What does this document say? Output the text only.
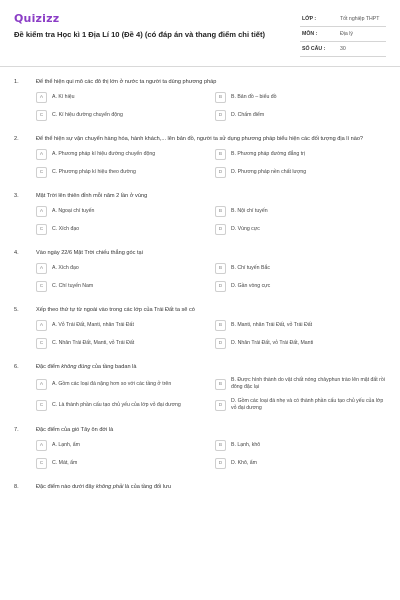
Quizizz
Đề kiểm tra Học kì 1 Địa Lí 10 (Đề 4) (có đáp án và thang điểm chi tiết)
LỚP :	Tốt nghiệp THPT
MÔN :	Địa lý
SỐ CÂU :	30
1.	Để thể hiện qui mô các đô thị lớn ở nước ta người ta dùng phương pháp
A	A. Kí hiệu	B	B. Bản đồ – biểu đồ
C	C. Kí hiệu đường chuyển động	D	D. Chấm điểm
2.	Để thể hiện sự vận chuyển hàng hóa, hành khách,... lên bản đồ, người ta sử dụng phương pháp biểu hiện các đối tượng địa lí nào?
A	A. Phương pháp kí hiệu đường chuyển động	B	B. Phương pháp đường đẳng trị
C	C. Phương pháp kí hiệu theo đường	D	D. Phương pháp nền chất lượng
3.	Mặt Trời lên thiên đỉnh mỗi năm 2 lần ở vùng
A	A. Ngoại chí tuyến	B	B. Nội chí tuyến
C	C. Xích đạo	D	D. Vùng cực
4.	Vào ngày 22/6 Mặt Trời chiếu thẳng góc tại
A	A. Xích đạo	B	B. Chí tuyến Bắc
C	C. Chí tuyến Nam	D	D. Gần vòng cực
5.	Xếp theo thứ tự từ ngoài vào trong các lớp của Trái Đất ta sẽ có
A	A. Vỏ Trái Đất, Manti, nhân Trái Đất	B	B. Manti, nhân Trái Đất, vỏ Trái Đất
C	C. Nhân Trái Đất, Manti, vỏ Trái Đất	D	D. Nhân Trái Đất, vỏ Trái Đất, Manti
6.	Đặc điểm không đúng của tầng badan là
A	A. Gồm các loại đá nặng hơn so với các tầng ở trên	B
B. Được hình thành do vật chất nóng chảyphun trào lên mặt đất rồi đông đặc lại
C	C. Là thành phần cấu tạo chủ yếu của lớp vỏ đại dương	D
D. Gồm các loại đá nhẹ và có thành phần cấu tạo chủ yếu của lớp vỏ đại dương
7.	Đặc điểm của gió Tây ôn đới là
A	A. Lạnh, ẩm	B	B. Lạnh, khô
C	C. Mát, ẩm	D	D. Khô, ẩm
8.	Đặc điểm nào dưới đây không phải là của tầng đối lưu
